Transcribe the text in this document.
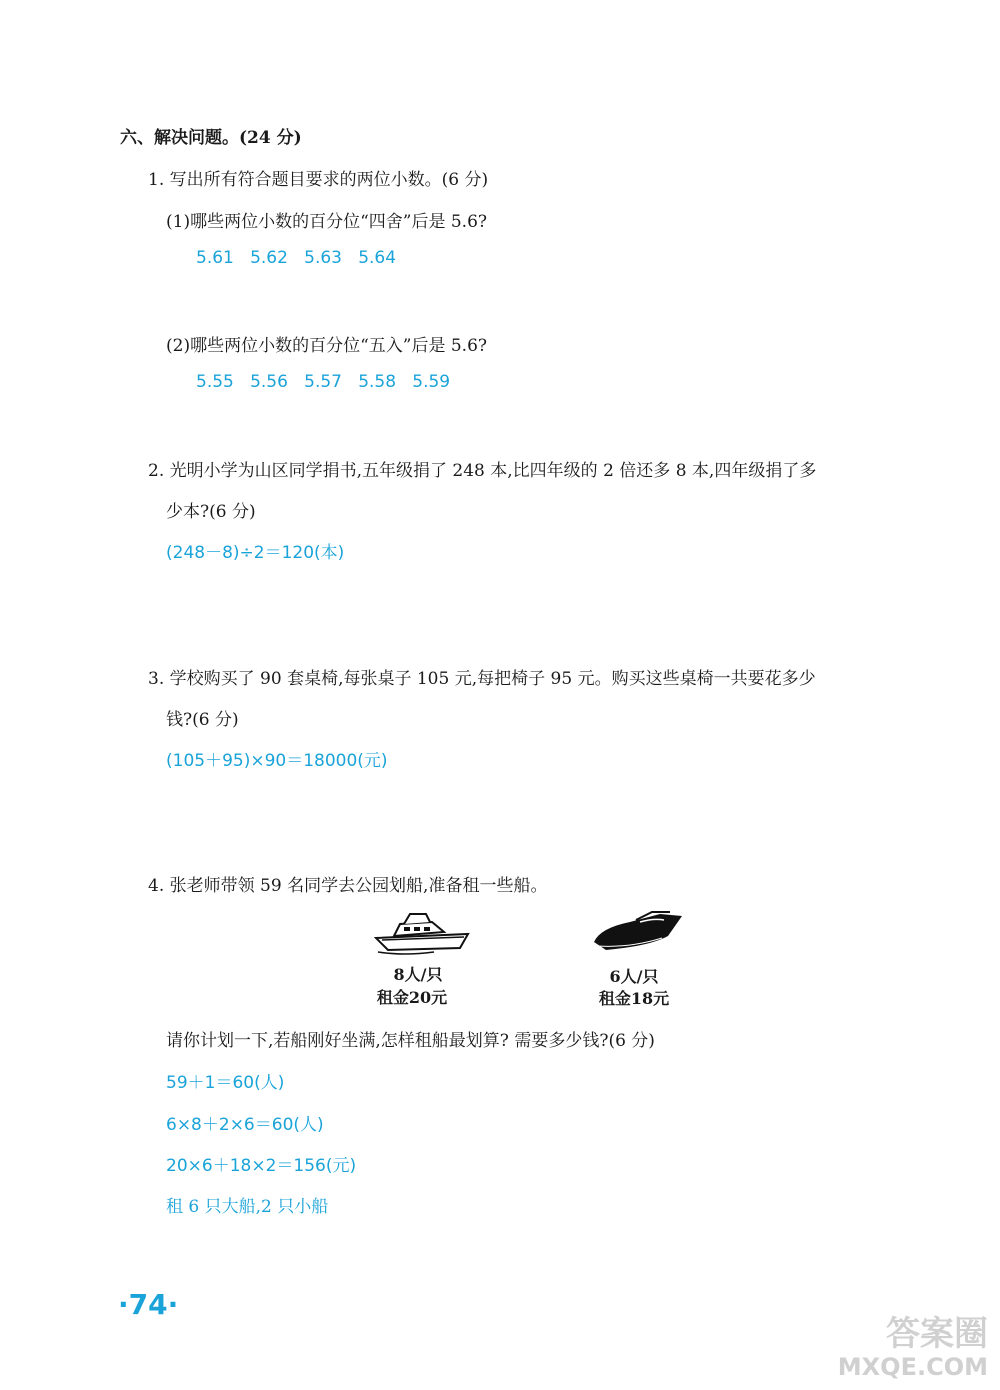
六、解决问题。(24 分)
1. 写出所有符合题目要求的两位小数。(6 分)
(1)哪些两位小数的百分位“四舍”后是 5.6?
5.61   5.62   5.63   5.64
(2)哪些两位小数的百分位“五入”后是 5.6?
5.55   5.56   5.57   5.58   5.59
2. 光明小学为山区同学捐书,五年级捐了 248 本,比四年级的 2 倍还多 8 本,四年级捐了多
少本?(6 分)
(248－8)÷2＝120(本)
3. 学校购买了 90 套桌椅,每张桌子 105 元,每把椅子 95 元。购买这些桌椅一共要花多少
钱?(6 分)
(105＋95)×90＝18000(元)
4. 张老师带领 59 名同学去公园划船,准备租一些船。
8人/只
租金20元
6人/只
租金18元
请你计划一下,若船刚好坐满,怎样租船最划算? 需要多少钱?(6 分)
59＋1＝60(人)
6×8＋2×6＝60(人)
20×6＋18×2＝156(元)
租 6 只大船,2 只小船
·74·
答案圈
MXQE.COM
